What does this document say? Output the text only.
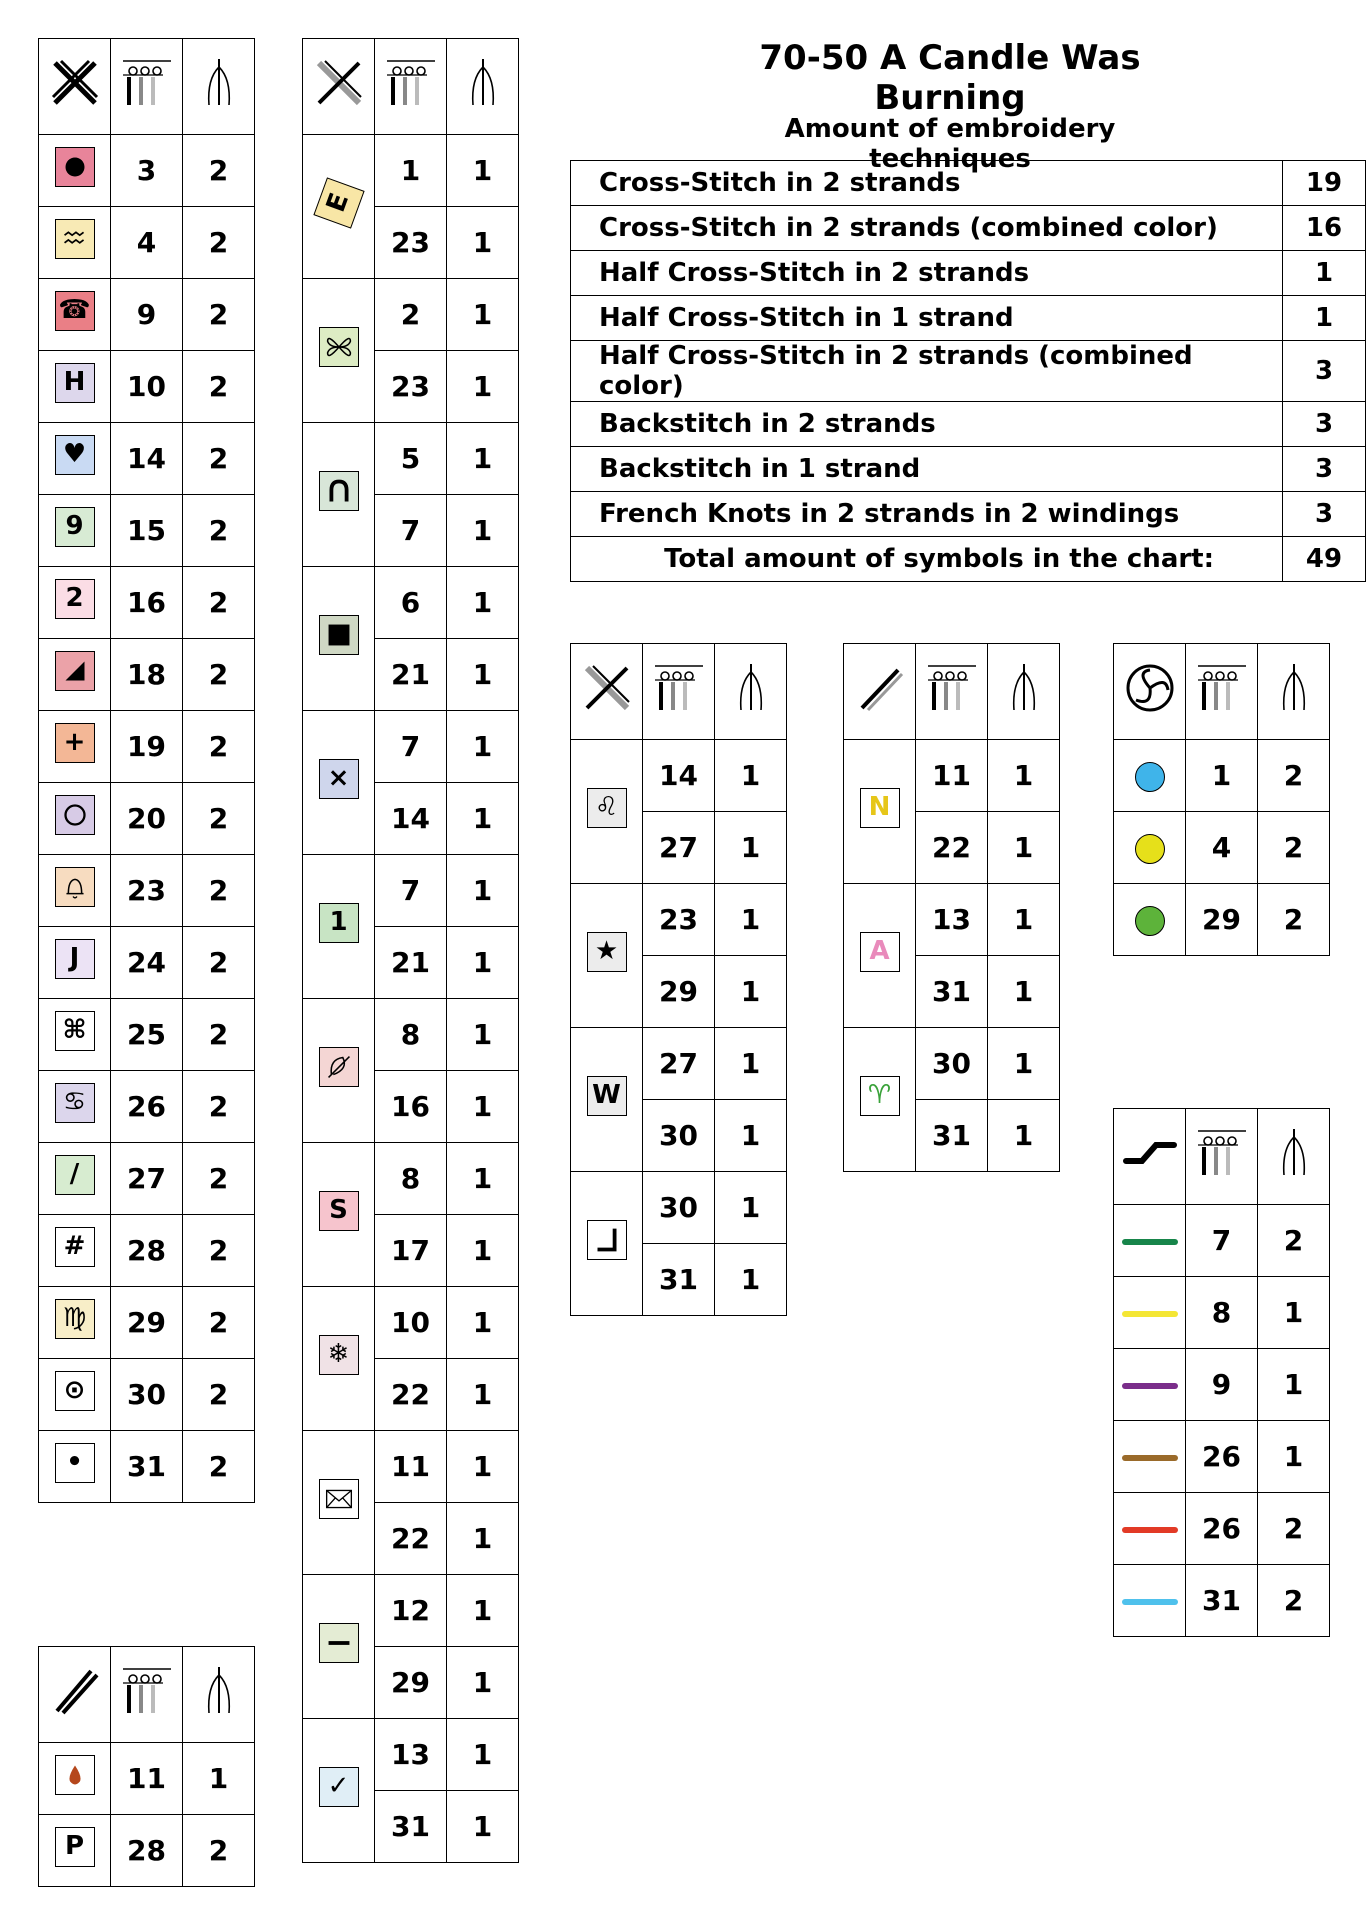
70-50 A Candle Was Burning
Amount of embroidery techniques
Cross-Stitch in 2 strands	19
Cross-Stitch in 2 strands (combined color)	16
Half Cross-Stitch in 2 strands	1
Half Cross-Stitch in 1 strand	1
Half Cross-Stitch in 2 strands (combined color)	3
Backstitch in 2 strands	3
Backstitch in 1 strand	3
French Knots in 2 strands in 2 windings	3
Total amount of symbols in the chart:	49

	3	2

	4	2
☎	9	2
H	10	2
♥	14	2
9	15	2
2	16	2

	18	2
+	19	2

	20	2

	23	2
J	24	2
⌘	25	2
♋	26	2
/	27	2
#	28	2
♍	29	2
⊙	30	2
•	31	2

	11	1
P	28	2

E	1	1
	23	1

	2	1
	23	1

	5	1
	7	1

	6	1
	21	1
×	7	1
	14	1
1	7	1
	21	1

	8	1
	16	1
S	8	1
	17	1
❄	10	1
	22	1

	11	1
	22	1

	12	1
	29	1
✓	13	1
	31	1

♌	14	1
	27	1
★	23	1
	29	1
W	27	1
	30	1

	30	1
	31	1

N	11	1
	22	1
A	13	1
	31	1
♈	30	1
	31	1

	1	2
	4	2
	29	2

	7	2
	8	1
	9	1
	26	1
	26	2
	31	2
